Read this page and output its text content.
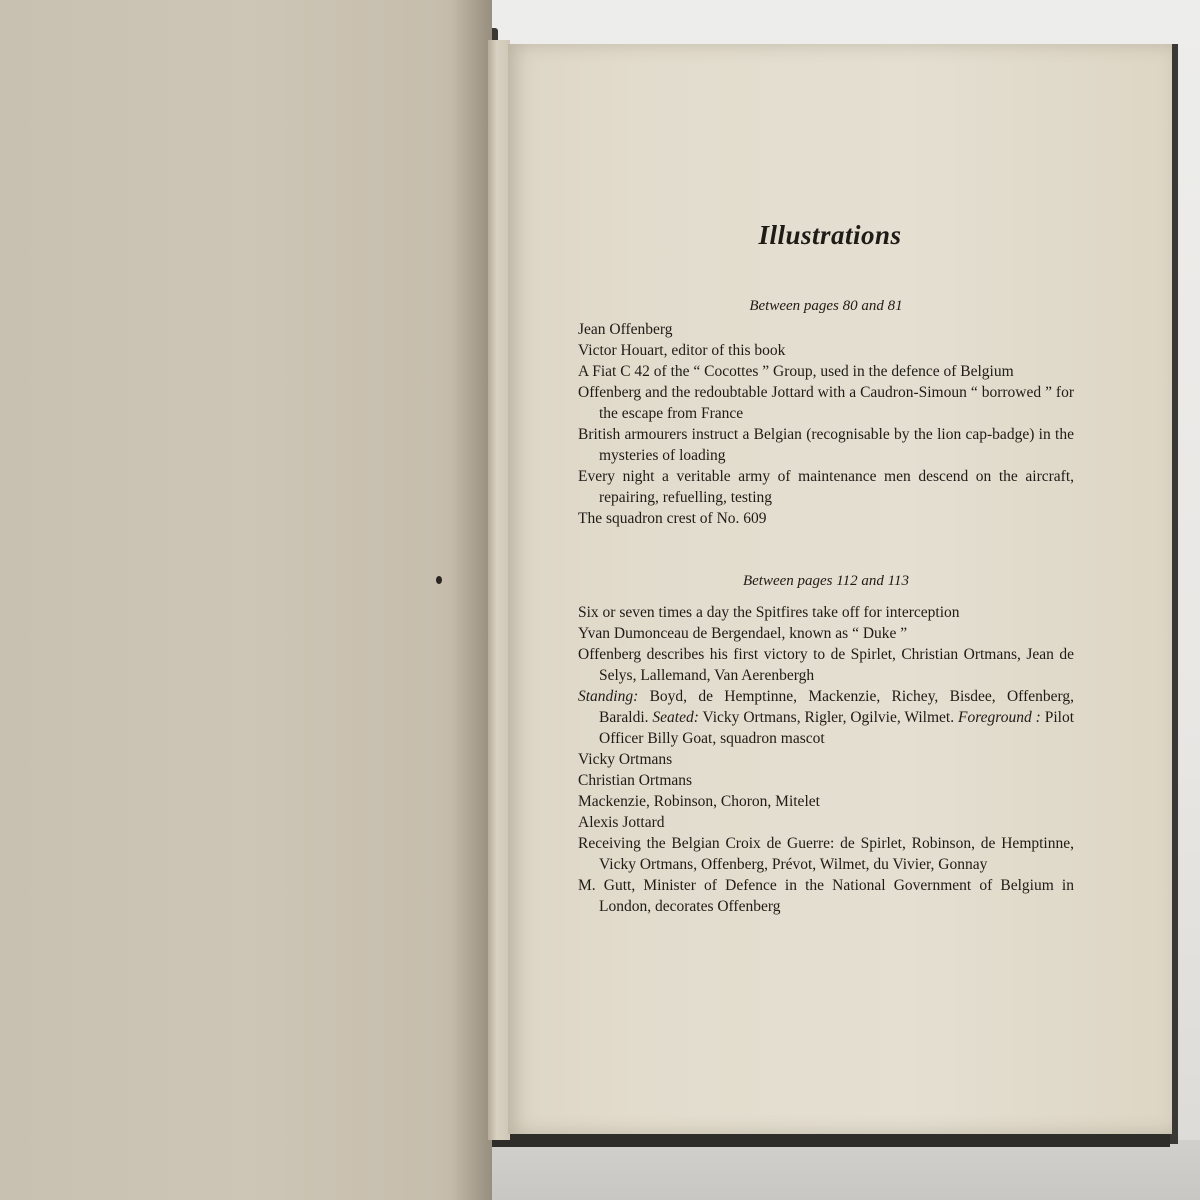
Illustrations
Between pages 80 and 81

Jean Offenberg

Victor Houart, editor of this book

A Fiat C 42 of the “ Cocottes ” Group, used in the defence of Belgium

Offenberg and the redoubtable Jottard with a Caudron-Simoun “ borrowed ” for the escape from France

British armourers instruct a Belgian (recognisable by the lion cap-badge) in the mysteries of loading

Every night a veritable army of maintenance men descend on the aircraft, repairing, refuelling, testing

The squadron crest of No. 609

Between pages 112 and 113

Six or seven times a day the Spitfires take off for interception

Yvan Dumonceau de Bergendael, known as “ Duke ”

Offenberg describes his first victory to de Spirlet, Christian Ortmans, Jean de Selys, Lallemand, Van Aerenbergh

Standing: Boyd, de Hemptinne, Mackenzie, Richey, Bisdee, Offenberg, Baraldi. Seated: Vicky Ortmans, Rigler, Ogilvie, Wilmet. Foreground : Pilot Officer Billy Goat, squadron mascot

Vicky Ortmans

Christian Ortmans

Mackenzie, Robinson, Choron, Mitelet

Alexis Jottard

Receiving the Belgian Croix de Guerre: de Spirlet, Robinson, de Hemptinne, Vicky Ortmans, Offenberg, Prévot, Wilmet, du Vivier, Gonnay

M. Gutt, Minister of Defence in the National Government of Belgium in London, decorates Offenberg
